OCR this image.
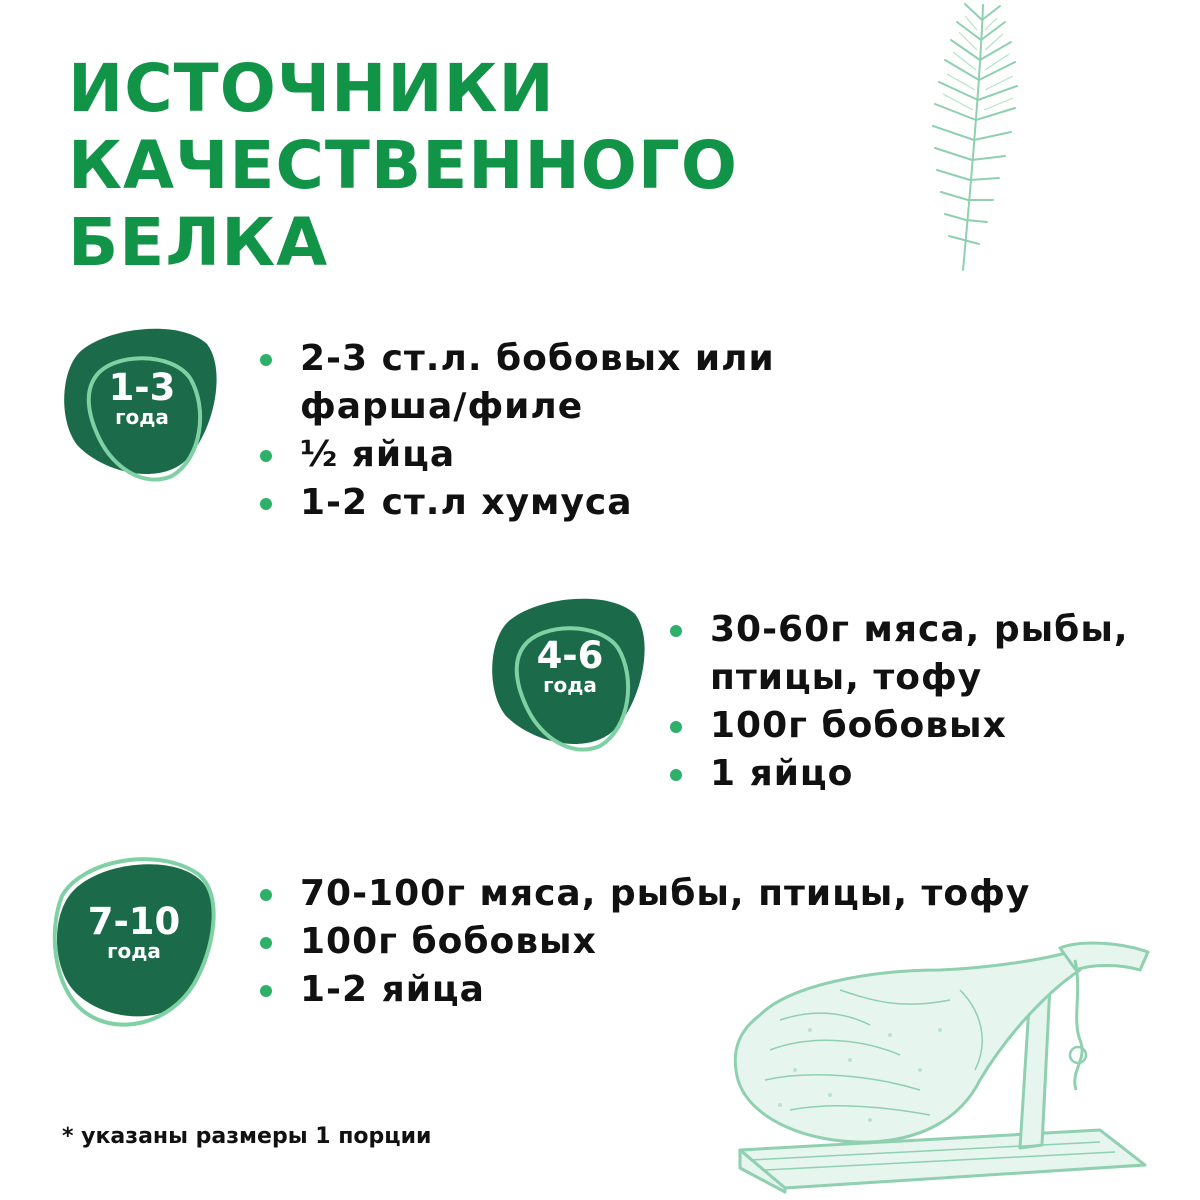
ИСТОЧНИКИ
КАЧЕСТВЕННОГО
БЕЛКА
1-3
года
2-3 ст.л. бобовых или
фарша/филе
½ яйца
1-2 ст.л хумуса
4-6
года
30-60г мяса, рыбы,
птицы, тофу
100г бобовых
1 яйцо
7-10
года
70-100г мяса, рыбы, птицы, тофу
100г бобовых
1-2 яйца
* указаны размеры 1 порции
